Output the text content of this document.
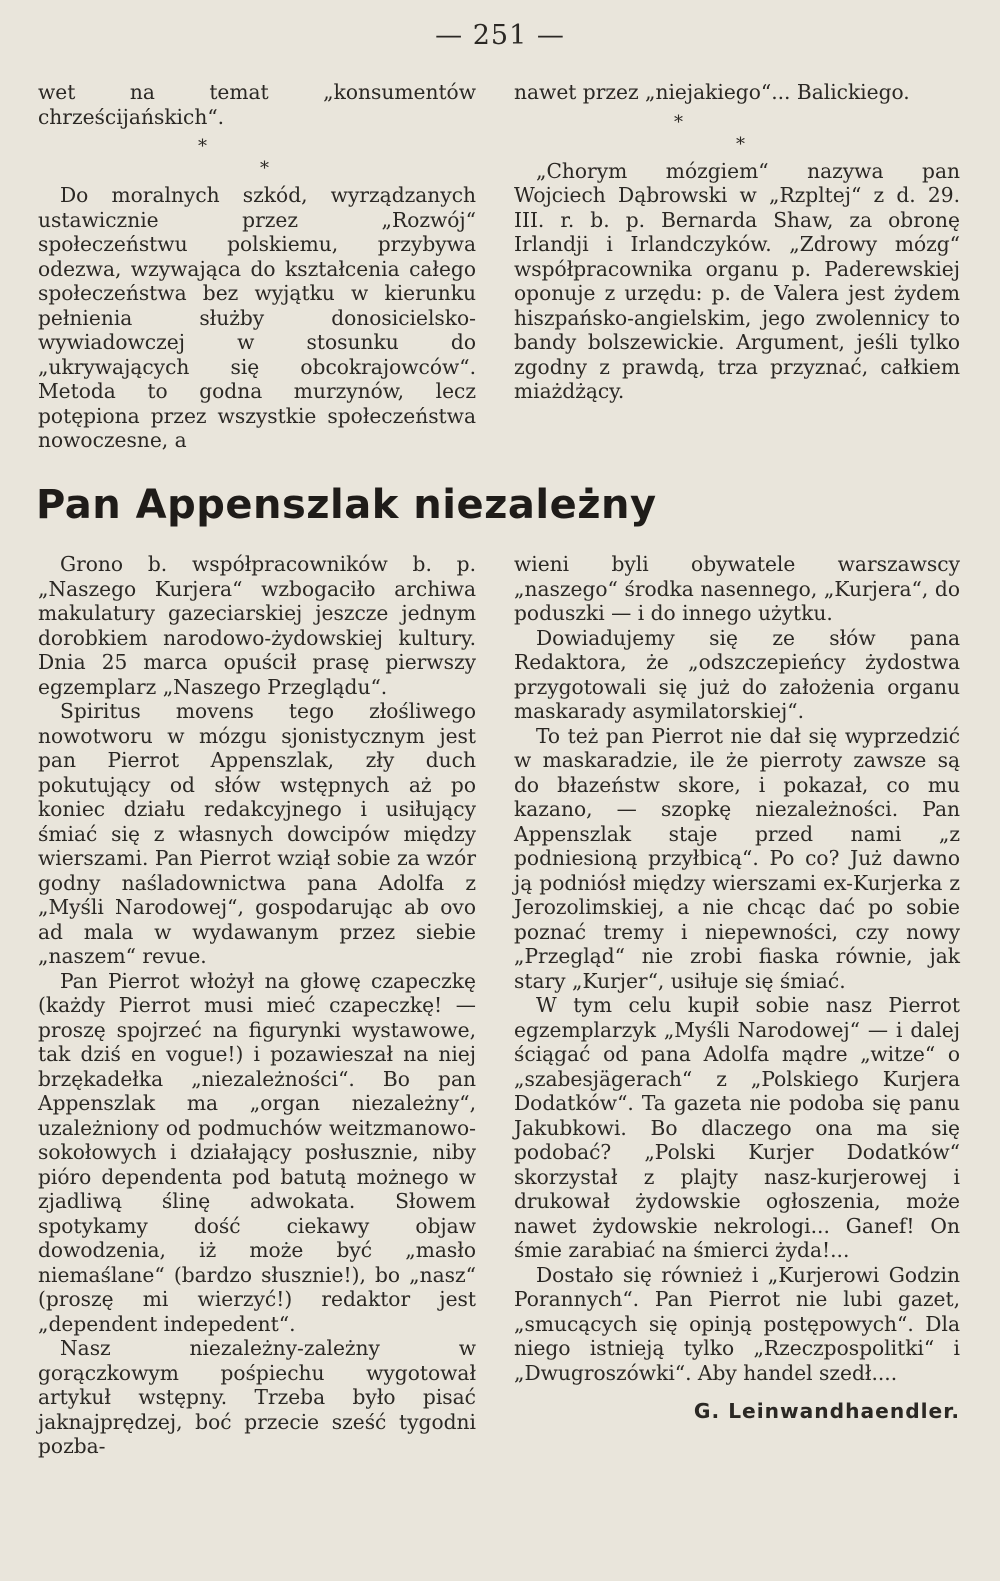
— 251 —

wet na temat „konsumentów chrześcijańskich“.

*
*

Do moralnych szkód, wyrządzanych ustawicznie przez „Rozwój“ społeczeństwu polskiemu, przybywa odezwa, wzywająca do kształcenia całego społeczeństwa bez wyjątku w kierunku pełnienia służby donosicielsko-wywiadowczej w stosunku do „ukrywających się obcokrajowców“. Metoda to godna murzynów, lecz potępiona przez wszystkie społeczeństwa nowoczesne, a

nawet przez „niejakiego“... Balickiego.

*
*

„Chorym mózgiem“ nazywa pan Wojciech Dąbrowski w „Rzpltej“ z d. 29. III. r. b. p. Bernarda Shaw, za obronę Irlandji i Irlandczyków. „Zdrowy mózg“ współpracownika organu p. Paderewskiej oponuje z urzędu: p. de Valera jest żydem hiszpańsko-angielskim, jego zwolennicy to bandy bolszewickie. Argument, jeśli tylko zgodny z prawdą, trza przyznać, całkiem miażdżący.

Pan Appenszlak niezależny

Grono b. współpracowników b. p. „Naszego Kurjera“ wzbogaciło archiwa makulatury gazeciarskiej jeszcze jednym dorobkiem narodowo-żydowskiej kultury. Dnia 25 marca opuścił prasę pierwszy egzemplarz „Naszego Przeglądu“.

Spiritus movens tego złośliwego nowotworu w mózgu sjonistycznym jest pan Pierrot Appenszlak, zły duch pokutujący od słów wstępnych aż po koniec działu redakcyjnego i usiłujący śmiać się z własnych dowcipów między wierszami. Pan Pierrot wziął sobie za wzór godny naśladownictwa pana Adolfa z „Myśli Narodowej“, gospodarując ab ovo ad mala w wydawanym przez siebie „naszem“ revue.

Pan Pierrot włożył na głowę czapeczkę (każdy Pierrot musi mieć czapeczkę! — proszę spojrzeć na figurynki wystawowe, tak dziś en vogue!) i pozawieszał na niej brzękadełka „niezależności“. Bo pan Appenszlak ma „organ niezależny“, uzależniony od podmuchów weitzmanowo-sokołowych i działający posłusznie, niby pióro dependenta pod batutą możnego w zjadliwą ślinę adwokata. Słowem spotykamy dość ciekawy objaw dowodzenia, iż może być „masło niemaślane“ (bardzo słusznie!), bo „nasz“ (proszę mi wierzyć!) redaktor jest „dependent indepedent“.

Nasz niezależny-zależny w gorączkowym pośpiechu wygotował artykuł wstępny. Trzeba było pisać jaknajprędzej, boć przecie sześć tygodni pozba-

wieni byli obywatele warszawscy „naszego“ środka nasennego, „Kurjera“, do poduszki — i do innego użytku.

Dowiadujemy się ze słów pana Redaktora, że „odszczepieńcy żydostwa przygotowali się już do założenia organu maskarady asymilatorskiej“.

To też pan Pierrot nie dał się wyprzedzić w maskaradzie, ile że pierroty zawsze są do błazeństw skore, i pokazał, co mu kazano, — szopkę niezależności. Pan Appenszlak staje przed nami „z podniesioną przyłbicą“. Po co? Już dawno ją podniósł między wierszami ex-Kurjerka z Jerozolimskiej, a nie chcąc dać po sobie poznać tremy i niepewności, czy nowy „Przegląd“ nie zrobi fiaska równie, jak stary „Kurjer“, usiłuje się śmiać.

W tym celu kupił sobie nasz Pierrot egzemplarzyk „Myśli Narodowej“ — i dalej ściągać od pana Adolfa mądre „witze“ o „szabesjägerach“ z „Polskiego Kurjera Dodatków“. Ta gazeta nie podoba się panu Jakubkowi. Bo dlaczego ona ma się podobać? „Polski Kurjer Dodatków“ skorzystał z plajty nasz-kurjerowej i drukował żydowskie ogłoszenia, może nawet żydowskie nekrologi... Ganef! On śmie zarabiać na śmierci żyda!...

Dostało się również i „Kurjerowi Godzin Porannych“. Pan Pierrot nie lubi gazet, „smucących się opinją postępowych“. Dla niego istnieją tylko „Rzeczpospolitki“ i „Dwugroszówki“. Aby handel szedł....

G. Leinwandhaendler.
